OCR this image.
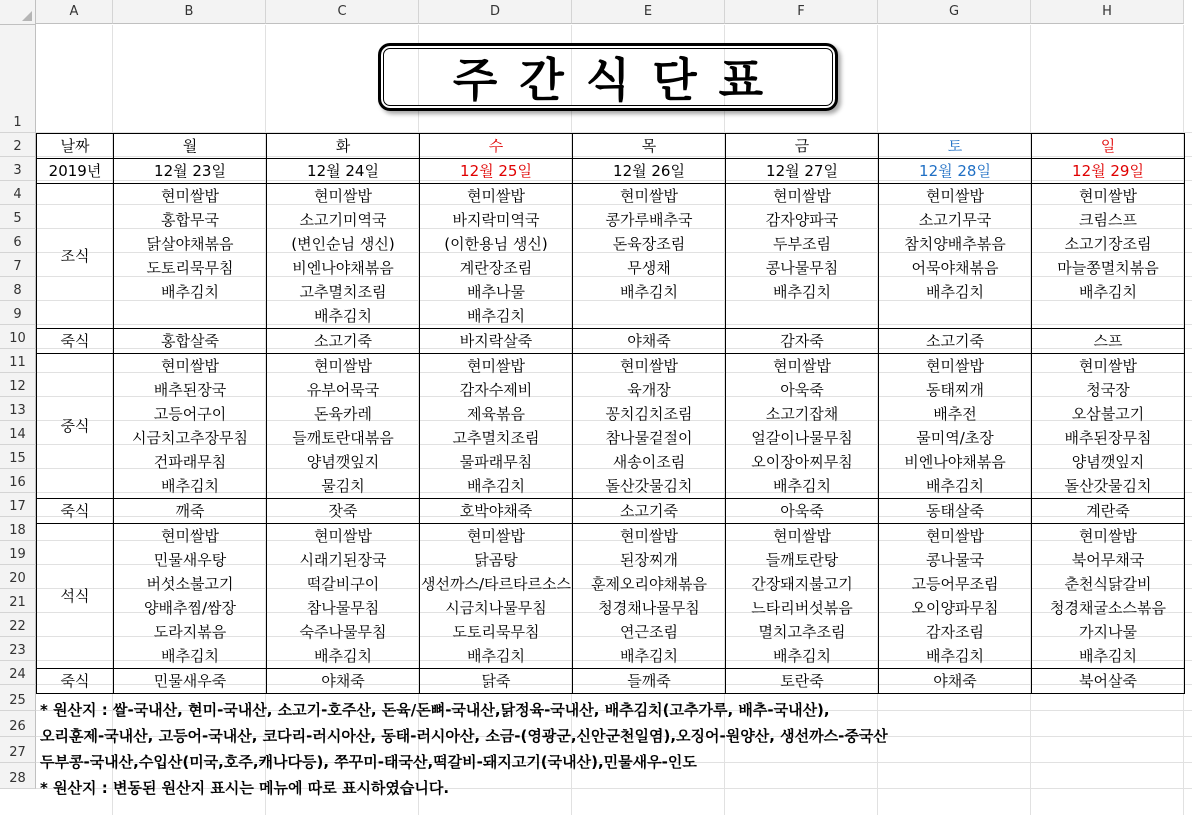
A	B	C	D	E	F	G	H
1
2
3
4
5
6
7
8
9
10
11
12
13
14
15
16
17
18
19
20
21
22
23
24
25
26
27
28
주간식단표
날짜	월	화	수	목	금	토	일
2019년	12월 23일	12월 24일	12월 25일	12월 26일	12월 27일	12월 28일	12월 29일
조식	현미쌀밥	현미쌀밥	현미쌀밥	현미쌀밥	현미쌀밥	현미쌀밥	현미쌀밥
	홍합무국	소고기미역국	바지락미역국	콩가루배추국	감자양파국	소고기무국	크림스프
	닭살야채볶음	(변인순님 생신)	(이한용님 생신)	돈육장조림	두부조림	참치양배추볶음	소고기장조림
	도토리묵무침	비엔나야채볶음	계란장조림	무생채	콩나물무침	어묵야채볶음	마늘쫑멸치볶음
	배추김치	고추멸치조림	배추나물	배추김치	배추김치	배추김치	배추김치
		배추김치	배추김치				
죽식	홍합살죽	소고기죽	바지락살죽	야채죽	감자죽	소고기죽	스프
중식	현미쌀밥	현미쌀밥	현미쌀밥	현미쌀밥	현미쌀밥	현미쌀밥	현미쌀밥
	배추된장국	유부어묵국	감자수제비	육개장	아욱죽	동태찌개	청국장
	고등어구이	돈육카레	제육볶음	꽁치김치조림	소고기잡채	배추전	오삼불고기
	시금치고추장무침	들깨토란대볶음	고추멸치조림	참나물겉절이	얼갈이나물무침	물미역/초장	배추된장무침
	건파래무침	양념깻잎지	물파래무침	새송이조림	오이장아찌무침	비엔나야채볶음	양념깻잎지
	배추김치	물김치	배추김치	돌산갓물김치	배추김치	배추김치	돌산갓물김치
죽식	깨죽	잣죽	호박야채죽	소고기죽	아욱죽	동태살죽	계란죽
석식	현미쌀밥	현미쌀밥	현미쌀밥	현미쌀밥	현미쌀밥	현미쌀밥	현미쌀밥
	민물새우탕	시래기된장국	닭곰탕	된장찌개	들깨토란탕	콩나물국	북어무채국
	버섯소불고기	떡갈비구이	생선까스/타르타르소스	훈제오리야채볶음	간장돼지불고기	고등어무조림	춘천식닭갈비
	양배추찜/쌈장	참나물무침	시금치나물무침	청경채나물무침	느타리버섯볶음	오이양파무침	청경채굴소스볶음
	도라지볶음	숙주나물무침	도토리묵무침	연근조림	멸치고추조림	감자조림	가지나물
	배추김치	배추김치	배추김치	배추김치	배추김치	배추김치	배추김치
죽식	민물새우죽	야채죽	닭죽	들깨죽	토란죽	야채죽	북어살죽
* 원산지 : 쌀-국내산, 현미-국내산, 소고기-호주산, 돈육/돈뼈-국내산,닭정육-국내산, 배추김치(고추가루, 배추-국내산),
오리훈제-국내산, 고등어-국내산, 코다리-러시아산, 동태-러시아산, 소금-(영광군,신안군천일염),오징어-원양산, 생선까스-중국산
두부콩-국내산,수입산(미국,호주,캐나다등), 쭈꾸미-태국산,떡갈비-돼지고기(국내산),민물새우-인도
* 원산지 : 변동된 원산지 표시는 메뉴에 따로 표시하였습니다.
